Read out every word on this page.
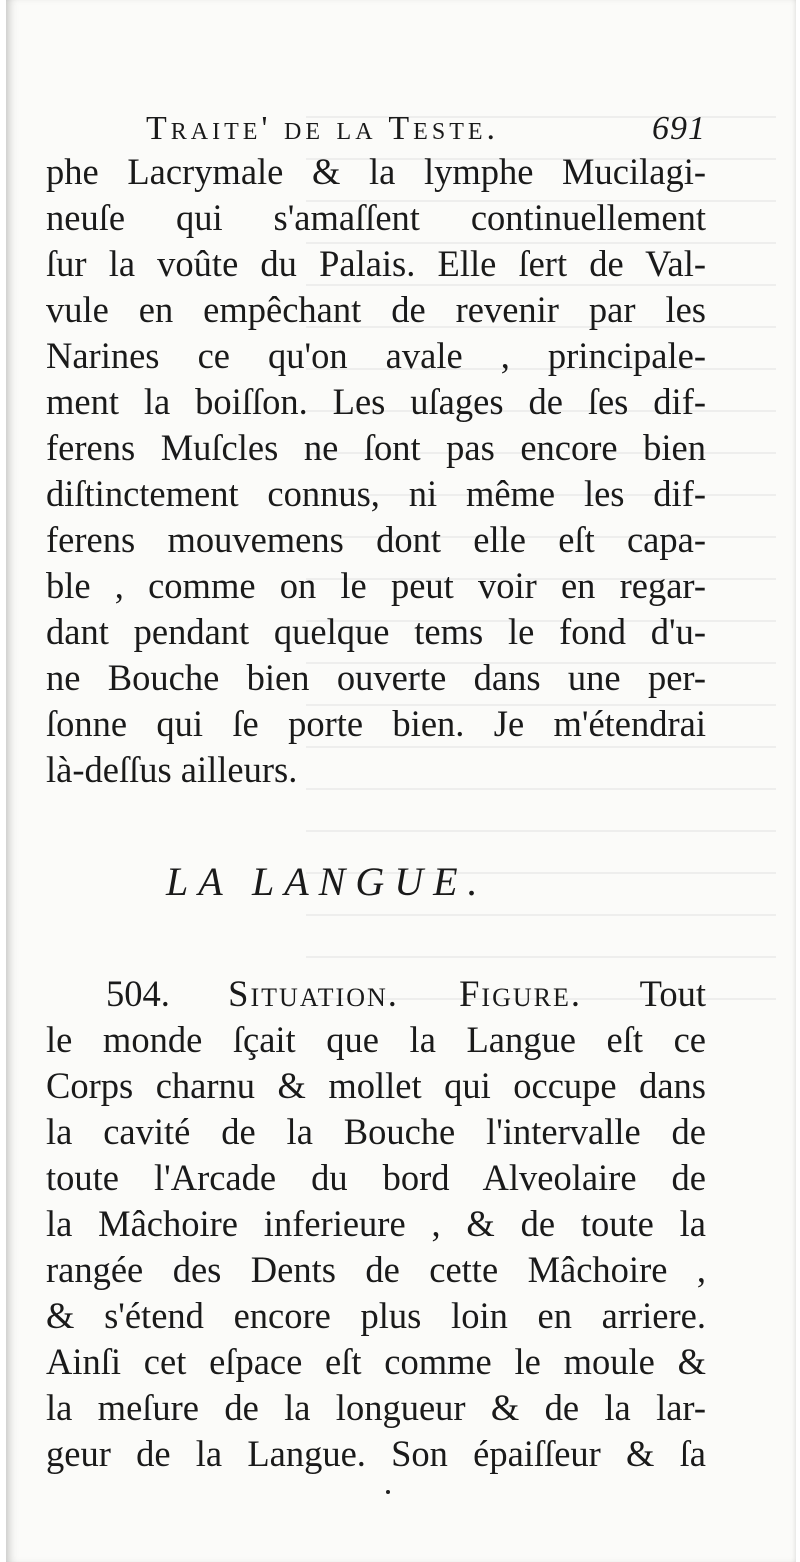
Traite' de la Teste.	691
phe Lacrymale & la lymphe Mucilagi-
neuſe qui s'amaſſent continuellement
ſur la voûte du Palais. Elle ſert de Val-
vule en empêchant de revenir par les
Narines ce qu'on avale , principale-
ment la boiſſon. Les uſages de ſes dif-
ferens Muſcles ne ſont pas encore bien
diſtinctement connus, ni même les dif-
ferens mouvemens dont elle eſt capa-
ble , comme on le peut voir en regar-
dant pendant quelque tems le fond d'u-
ne Bouche bien ouverte dans une per-
ſonne qui ſe porte bien. Je m'étendrai
là-deſſus ailleurs.
LA LANGUE.
504. Situation. Figure. Tout
le monde ſçait que la Langue eſt ce
Corps charnu & mollet qui occupe dans
la cavité de la Bouche l'intervalle de
toute l'Arcade du bord Alveolaire de
la Mâchoire inferieure , & de toute la
rangée des Dents de cette Mâchoire ,
& s'étend encore plus loin en arriere.
Ainſi cet eſpace eſt comme le moule &
la meſure de la longueur & de la lar-
geur de la Langue. Son épaiſſeur & ſa
